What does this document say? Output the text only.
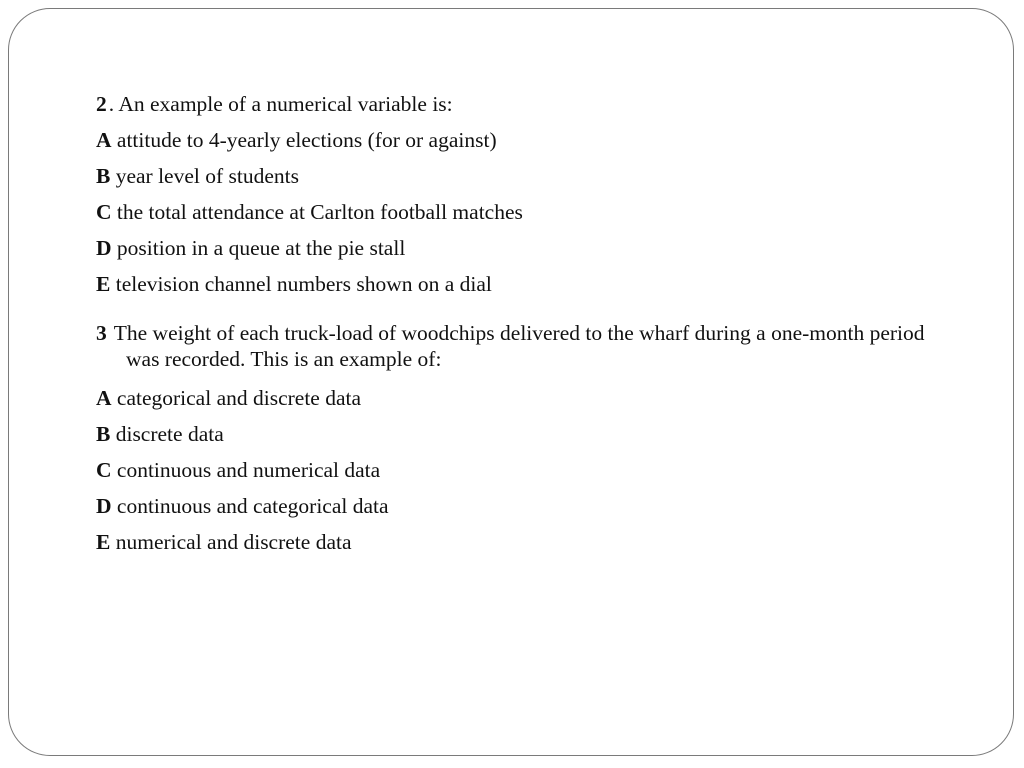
2. An example of a numerical variable is:
A attitude to 4-yearly elections (for or against)
B year level of students
C the total attendance at Carlton football matches
D position in a queue at the pie stall
E television channel numbers shown on a dial
3 The weight of each truck-load of woodchips delivered to the wharf during a one-month period was recorded. This is an example of:
A categorical and discrete data
B discrete data
C continuous and numerical data
D continuous and categorical data
E numerical and discrete data
